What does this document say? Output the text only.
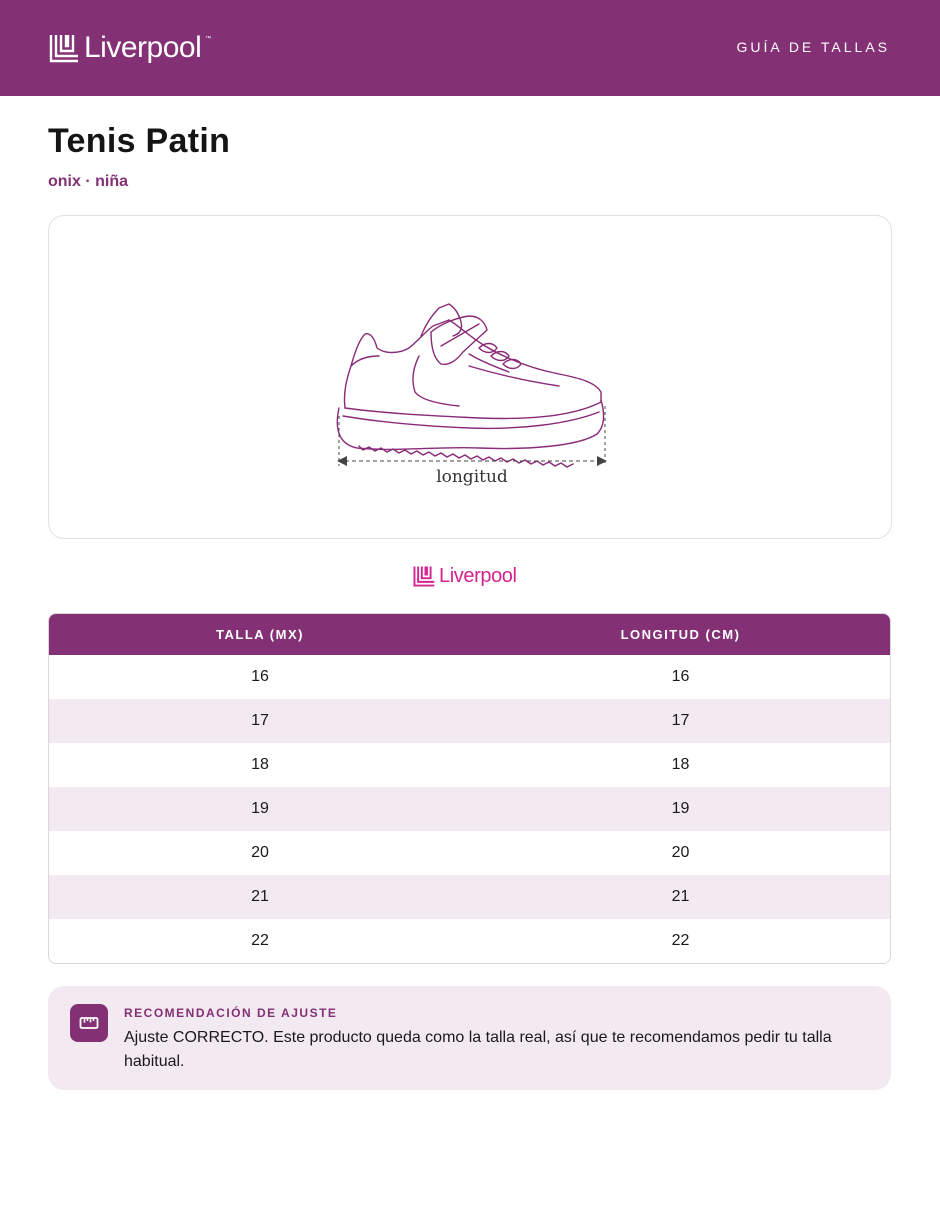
Liverpool ™	GUÍA DE TALLAS
Tenis Patin
onix · niña
longitud
Liverpool
TALLA (MX)	LONGITUD (CM)
16	16
17	17
18	18
19	19
20	20
21	21
22	22
RECOMENDACIÓN DE AJUSTE
Ajuste CORRECTO. Este producto queda como la talla real, así que te recomendamos pedir tu talla habitual.
